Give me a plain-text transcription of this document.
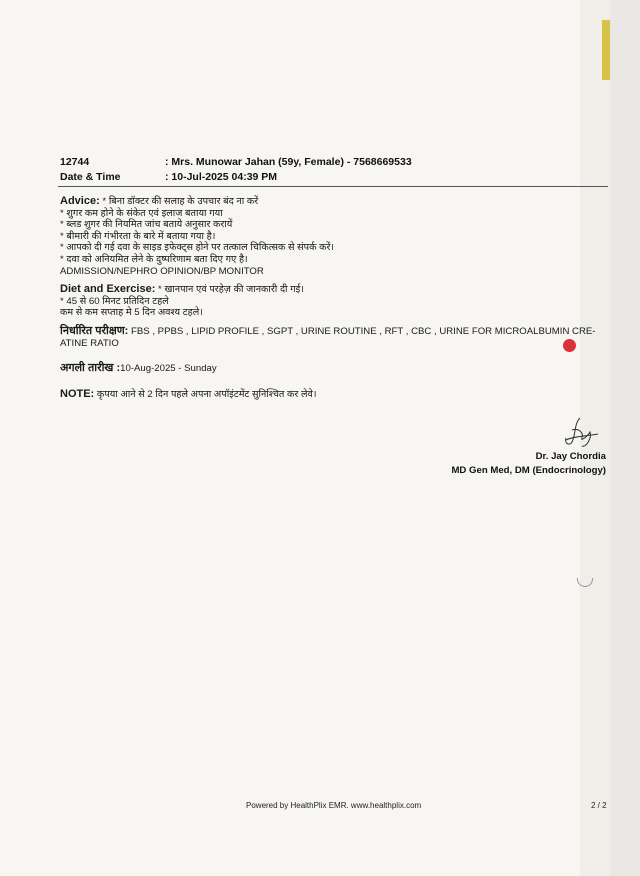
12744	: Mrs. Munowar Jahan (59y, Female) - 7568669533
Date & Time	: 10-Jul-2025 04:39 PM
Advice: * बिना डॉक्टर की सलाह के उपचार बंद ना करें
* शुगर कम होने के संकेत एवं इलाज बताया गया
* ब्लड शुगर की नियमित जांच बताये अनुसार करायें
* बीमारी की गंभीरता के बारे में बताया गया है।
* आपको दी गई दवा के साइड इफेक्ट्स होने पर तत्काल चिकित्सक से संपर्क करें।
* दवा को अनियमित लेने के दुष्परिणाम बता दिए गए है।
ADMISSION/NEPHRO OPINION/BP MONITOR
Diet and Exercise: * खानपान एवं परहेज़ की जानकारी दी गई।
* 45 से 60 मिनट प्रतिदिन टहले
कम से कम सप्ताह मे 5 दिन अवश्य टहले।
निर्धारित परीक्षण: FBS , PPBS , LIPID PROFILE , SGPT , URINE ROUTINE , RFT , CBC , URINE FOR MICROALBUMIN CRE-
ATINE RATIO
अगली तारीख :10-Aug-2025 - Sunday
NOTE: कृपया आने से 2 दिन पहले अपना अपॉइंटमेंट सुनिश्चित कर लेवे।
Dr. Jay Chordia
MD Gen Med, DM (Endocrinology)
Powered by HealthPlix EMR. www.healthplix.com	2 / 2
